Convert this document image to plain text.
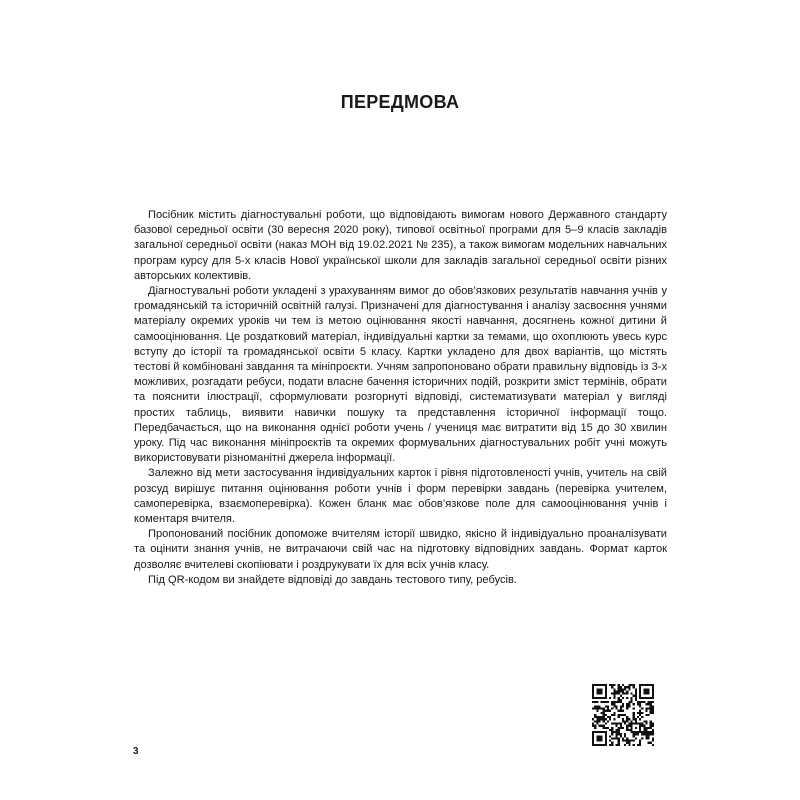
ПЕРЕДМОВА

Посібник містить діагностувальні роботи, що відповідають вимогам нового Державного стандарту базової середньої освіти (30 вересня 2020 року), типової освітньої програми для 5–9 класів закладів загальної середньої освіти (наказ МОН від 19.02.2021 № 235), а також вимогам модельних навчальних програм курсу для 5-х класів Нової української школи для закладів загальної середньої освіти різних авторських колективів.

Діагностувальні роботи укладені з урахуванням вимог до обов’язкових результатів навчання учнів у громадянській та історичній освітній галузі. Призначені для діагностування і аналізу засвоєння учнями матеріалу окремих уроків чи тем із метою оцінювання якості навчання, досягнень кожної дитини й самооцінювання. Це роздатковий матеріал, індивідуальні картки за темами, що охоплюють увесь курс вступу до історії та громадянської освіти 5 класу. Картки укладено для двох варіантів, що містять тестові й комбіновані завдання та мініпроєкти. Учням запропоновано обрати правильну відповідь із 3-х можливих, розгадати ребуси, подати власне бачення історичних подій, розкрити зміст термінів, обрати та пояснити ілюстрації, сформулювати розгорнуті відповіді, систематизувати матеріал у вигляді простих таблиць, виявити навички пошуку та представлення історичної інформації тощо. Передбачається, що на виконання однієї роботи учень / учениця має витратити від 15 до 30 хвилин уроку. Під час виконання мініпроєктів та окремих формувальних діагностувальних робіт учні можуть використовувати різноманітні джерела інформації.

Залежно від мети застосування індивідуальних карток і рівня підготовленості учнів, учитель на свій розсуд вирішує питання оцінювання роботи учнів і форм перевірки завдань (перевірка учителем, самоперевірка, взаємоперевірка). Кожен бланк має обов’язкове поле для самооцінювання учнів і коментаря вчителя.

Пропонований посібник допоможе вчителям історії швидко, якісно й індивідуально проаналізувати та оцінити знання учнів, не витрачаючи свій час на підготовку відповідних завдань. Формат карток дозволяє вчителеві скопіювати і роздрукувати їх для всіх учнів класу.

Під QR-кодом ви знайдете відповіді до завдань тестового типу, ребусів.

3
